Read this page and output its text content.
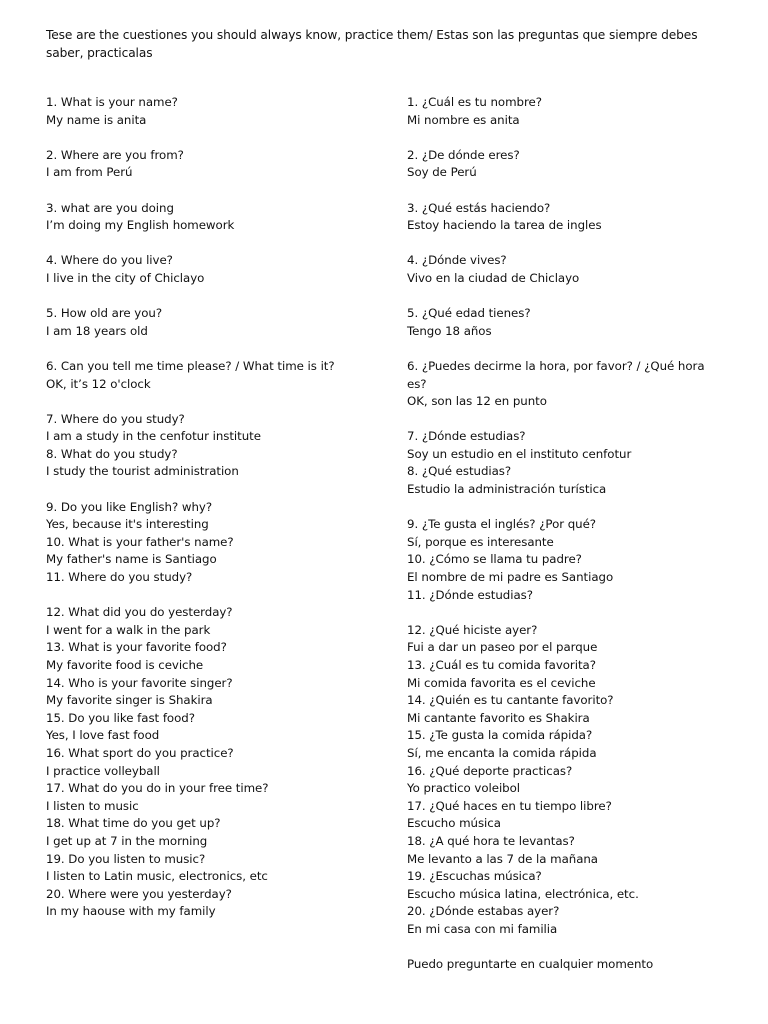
Tese are the cuestiones you should always know, practice them/ Estas son las preguntas que siempre debes saber, practicalas
1. What is your name?
My name is anita
2. Where are you from?
I am from Perú
3. what are you doing
I’m doing my English homework
4. Where do you live?
I live in the city of Chiclayo
5. How old are you?
I am 18 years old
6. Can you tell me time please? / What time is it?
OK, it’s 12 o'clock
7. Where do you study?
I am a study in the cenfotur institute
8. What do you study?
I study the tourist administration
9. Do you like English? why?
Yes, because it's interesting
10. What is your father's name?
My father's name is Santiago
11. Where do you study?
12. What did you do yesterday?
I went for a walk in the park
13. What is your favorite food?
My favorite food is ceviche
14. Who is your favorite singer?
My favorite singer is Shakira
15. Do you like fast food?
Yes, I love fast food
16. What sport do you practice?
I practice volleyball
17. What do you do in your free time?
I listen to music
18. What time do you get up?
I get up at 7 in the morning
19. Do you listen to music?
I listen to Latin music, electronics, etc
20. Where were you yesterday?
In my haouse with my family
1. ¿Cuál es tu nombre?
Mi nombre es anita
2. ¿De dónde eres?
Soy de Perú
3. ¿Qué estás haciendo?
Estoy haciendo la tarea de ingles
4. ¿Dónde vives?
Vivo en la ciudad de Chiclayo
5. ¿Qué edad tienes?
Tengo 18 años
6. ¿Puedes decirme la hora, por favor? / ¿Qué hora es?
OK, son las 12 en punto
7. ¿Dónde estudias?
Soy un estudio en el instituto cenfotur
8. ¿Qué estudias?
Estudio la administración turística
9. ¿Te gusta el inglés? ¿Por qué?
Sí, porque es interesante
10. ¿Cómo se llama tu padre?
El nombre de mi padre es Santiago
11. ¿Dónde estudias?
12. ¿Qué hiciste ayer?
Fui a dar un paseo por el parque
13. ¿Cuál es tu comida favorita?
Mi comida favorita es el ceviche
14. ¿Quién es tu cantante favorito?
Mi cantante favorito es Shakira
15. ¿Te gusta la comida rápida?
Sí, me encanta la comida rápida
16. ¿Qué deporte practicas?
Yo practico voleibol
17. ¿Qué haces en tu tiempo libre?
Escucho música
18. ¿A qué hora te levantas?
Me levanto a las 7 de la mañana
19. ¿Escuchas música?
Escucho música latina, electrónica, etc.
20. ¿Dónde estabas ayer?
En mi casa con mi familia
Puedo preguntarte en cualquier momento
